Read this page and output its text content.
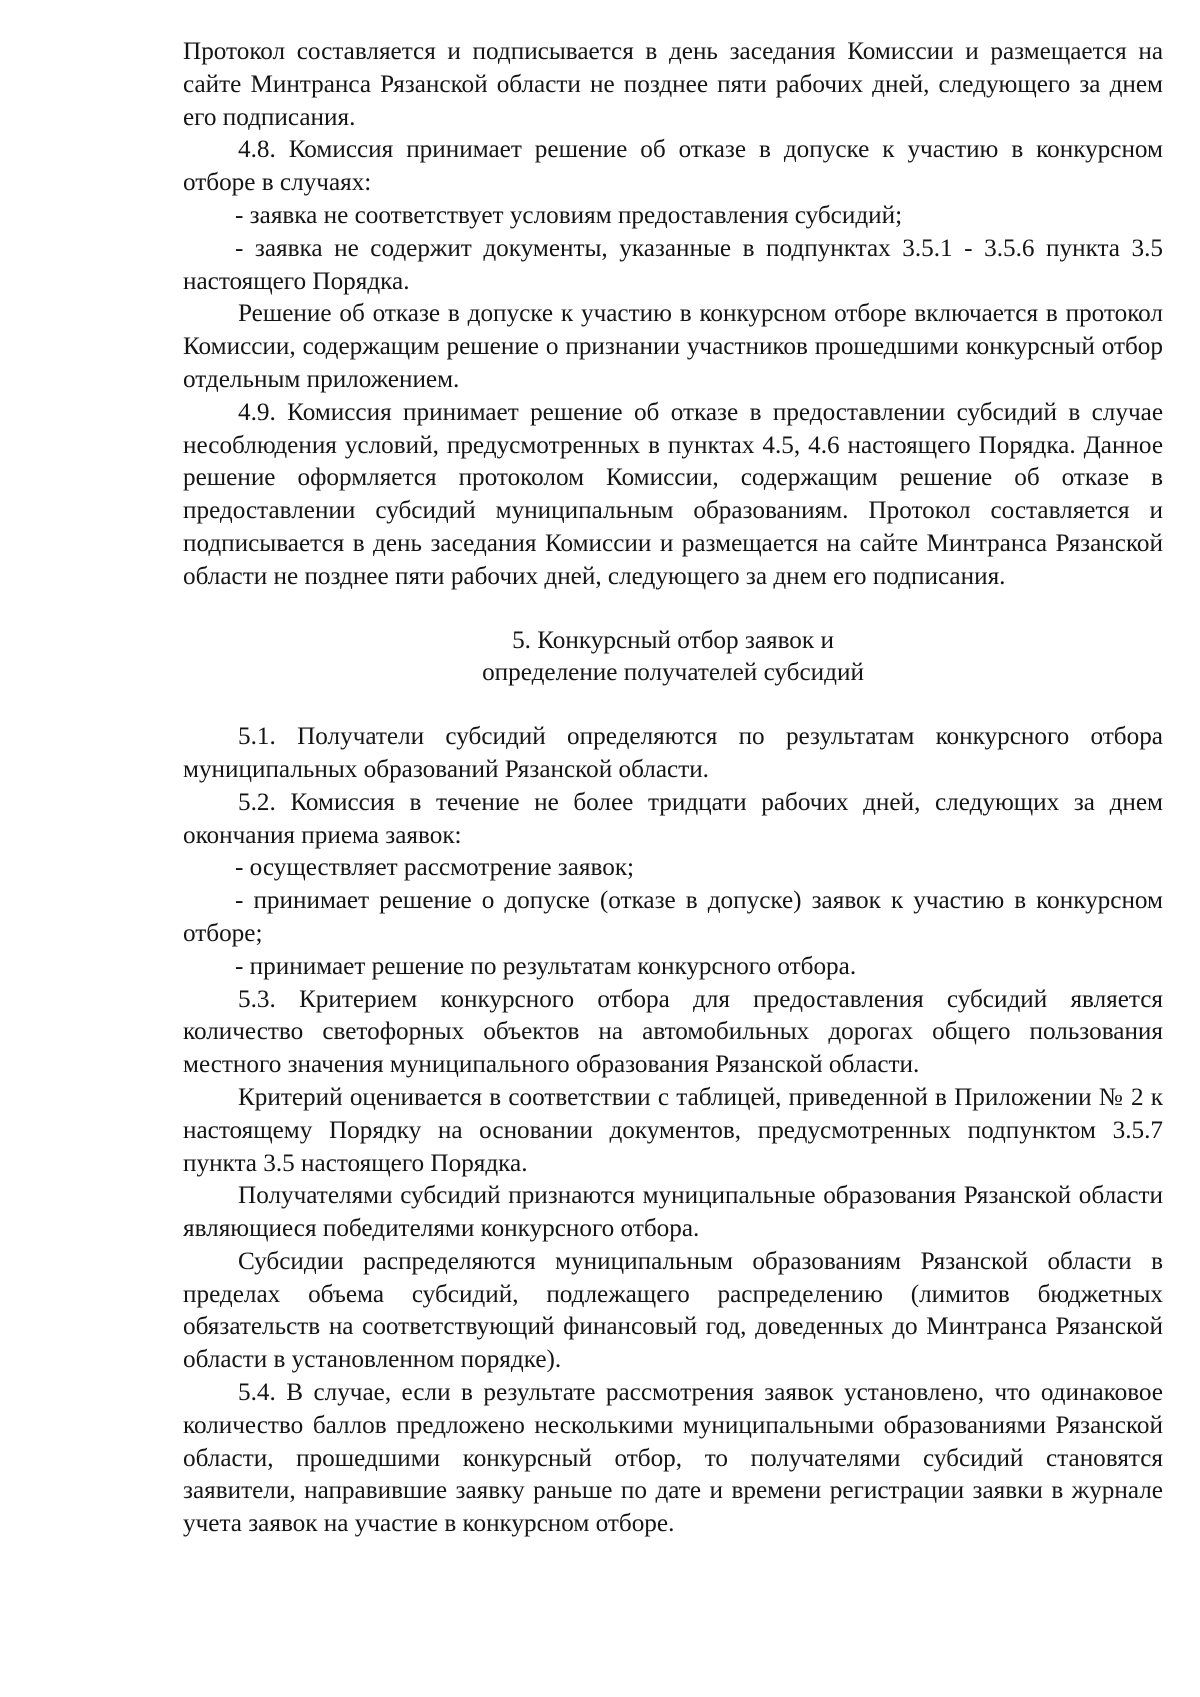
Протокол составляется и подписывается в день заседания Комиссии и размещается на сайте Минтранса Рязанской области не позднее пяти рабочих дней, следующего за днем его подписания.

4.8. Комиссия принимает решение об отказе в допуске к участию в конкурсном отборе в случаях:

- заявка не соответствует условиям предоставления субсидий;

- заявка не содержит документы, указанные в подпунктах 3.5.1 - 3.5.6 пункта 3.5 настоящего Порядка.

Решение об отказе в допуске к участию в конкурсном отборе включается в протокол Комиссии, содержащим решение о признании участников прошедшими конкурсный отбор отдельным приложением.

4.9. Комиссия принимает решение об отказе в предоставлении субсидий в случае несоблюдения условий, предусмотренных в пунктах 4.5, 4.6 настоящего Порядка. Данное решение оформляется протоколом Комиссии, содержащим решение об отказе в предоставлении субсидий муниципальным образованиям. Протокол составляется и подписывается в день заседания Комиссии и размещается на сайте Минтранса Рязанской области не позднее пяти рабочих дней, следующего за днем его подписания.

5. Конкурсный отбор заявок и

определение получателей субсидий

5.1. Получатели субсидий определяются по результатам конкурсного отбора муниципальных образований Рязанской области.

5.2. Комиссия в течение не более тридцати рабочих дней, следующих за днем окончания приема заявок:

- осуществляет рассмотрение заявок;

- принимает решение о допуске (отказе в допуске) заявок к участию в конкурсном отборе;

- принимает решение по результатам конкурсного отбора.

5.3. Критерием конкурсного отбора для предоставления субсидий является количество светофорных объектов на автомобильных дорогах общего пользования местного значения муниципального образования Рязанской области.

Критерий оценивается в соответствии с таблицей, приведенной в Приложении № 2 к настоящему Порядку на основании документов, предусмотренных подпунктом 3.5.7 пункта 3.5 настоящего Порядка.

Получателями субсидий признаются муниципальные образования Рязанской области являющиеся победителями конкурсного отбора.

Субсидии распределяются муниципальным образованиям Рязанской области в пределах объема субсидий, подлежащего распределению (лимитов бюджетных обязательств на соответствующий финансовый год, доведенных до Минтранса Рязанской области в установленном порядке).

5.4. В случае, если в результате рассмотрения заявок установлено, что одинаковое количество баллов предложено несколькими муниципальными образованиями Рязанской области, прошедшими конкурсный отбор, то получателями субсидий становятся заявители, направившие заявку раньше по дате и времени регистрации заявки в журнале учета заявок на участие в конкурсном отборе.
